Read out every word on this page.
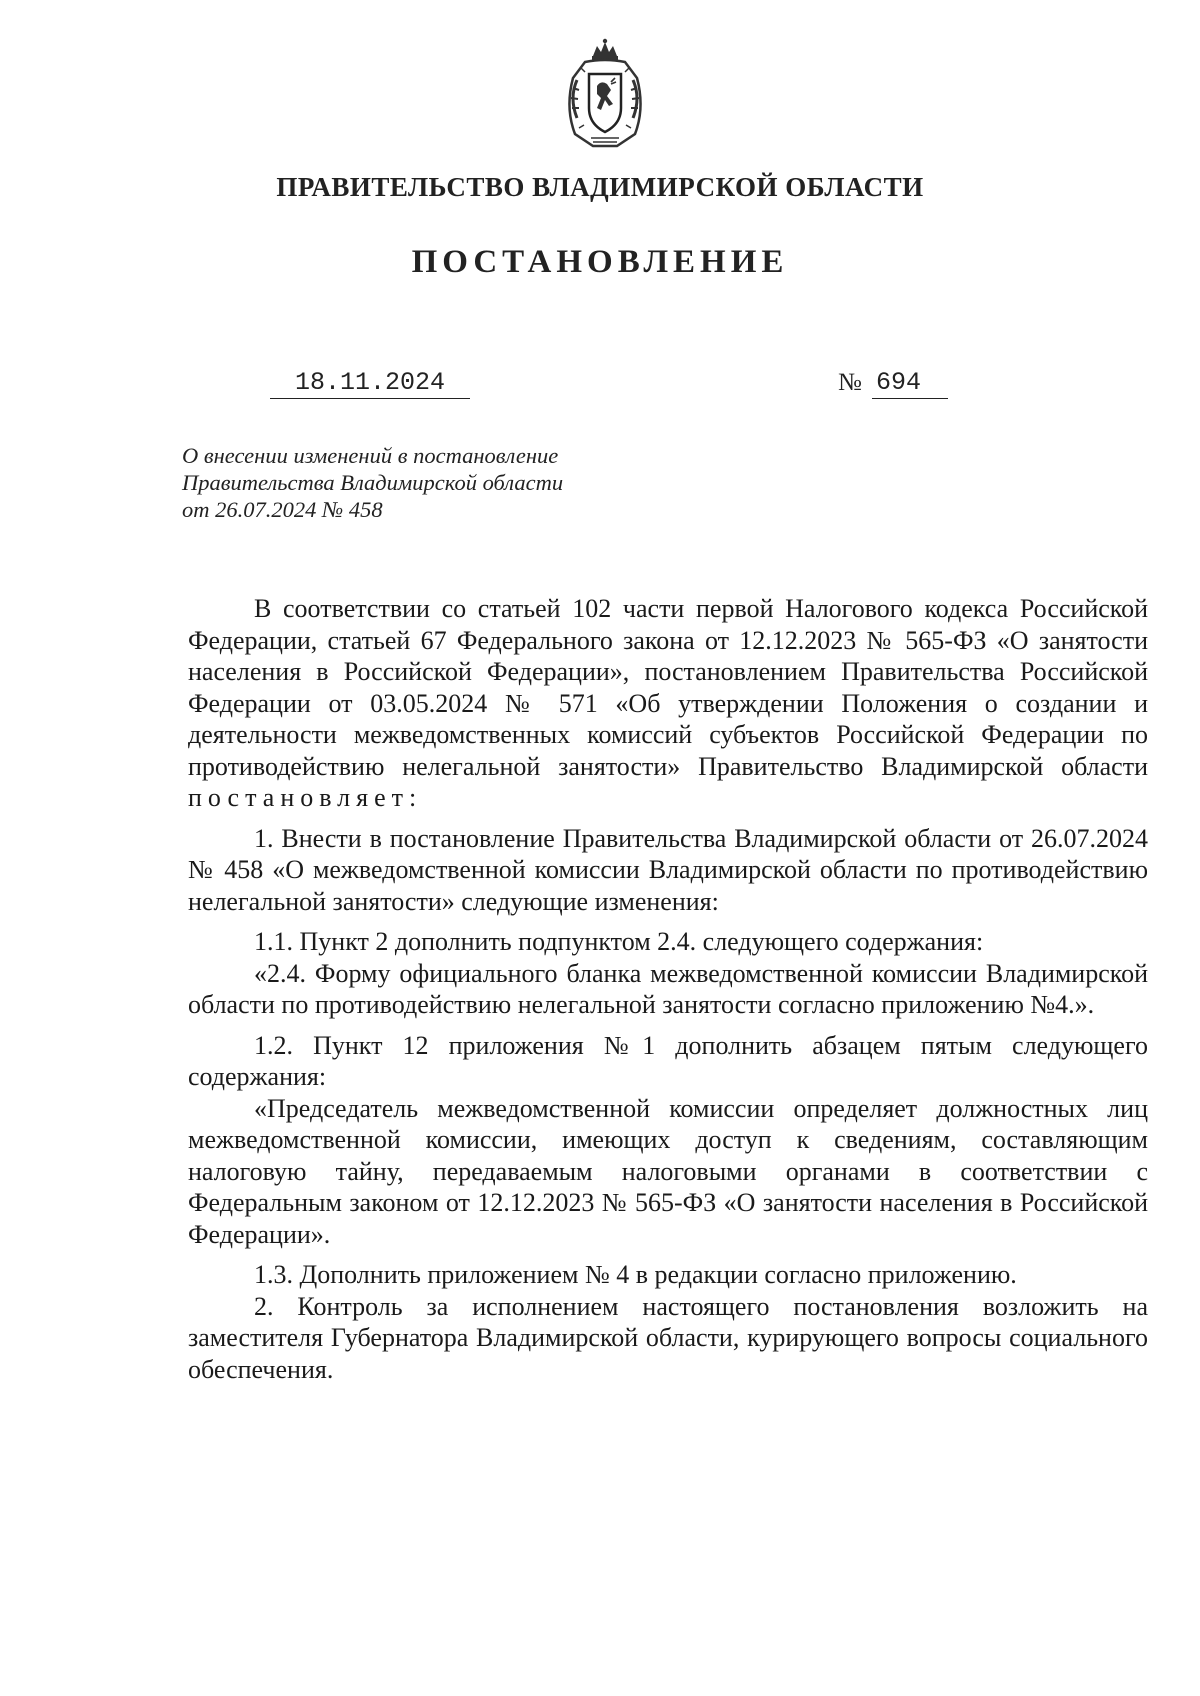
ПРАВИТЕЛЬСТВО ВЛАДИМИРСКОЙ ОБЛАСТИ
ПОСТАНОВЛЕНИЕ
18.11.2024	№ 694
О внесении изменений в постановление
Правительства Владимирской области
от 26.07.2024 № 458

В соответствии со статьей 102 части первой Налогового кодекса Российской Федерации, статьей 67 Федерального закона от 12.12.2023 № 565-ФЗ «О занятости населения в Российской Федерации», постановлением Правительства Российской Федерации от 03.05.2024 № 571 «Об утверждении Положения о создании и деятельности межведомственных комиссий субъектов Российской Федерации по противодействию нелегальной занятости» Правительство Владимирской области постановляет:

1. Внести в постановление Правительства Владимирской области от 26.07.2024 № 458 «О межведомственной комиссии Владимирской области по противодействию нелегальной занятости» следующие изменения:

1.1. Пункт 2 дополнить подпунктом 2.4. следующего содержания:

«2.4. Форму официального бланка межведомственной комиссии Владимирской области по противодействию нелегальной занятости согласно приложению №4.».

1.2. Пункт 12 приложения №1 дополнить абзацем пятым следующего содержания:

«Председатель межведомственной комиссии определяет должностных лиц межведомственной комиссии, имеющих доступ к сведениям, составляющим налоговую тайну, передаваемым налоговыми органами в соответствии с Федеральным законом от 12.12.2023 № 565-ФЗ «О занятости населения в Российской Федерации».

1.3. Дополнить приложением № 4 в редакции согласно приложению.

2. Контроль за исполнением настоящего постановления возложить на заместителя Губернатора Владимирской области, курирующего вопросы социального обеспечения.
